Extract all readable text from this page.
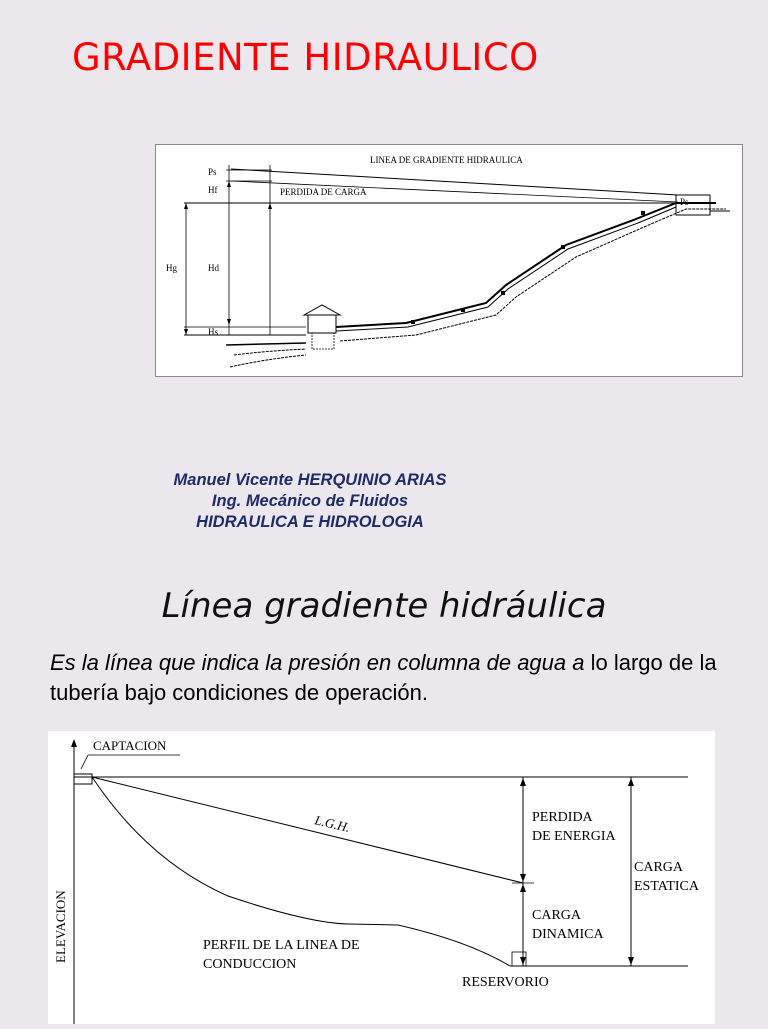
GRADIENTE HIDRAULICO
Ps
Hf
Hg	Hd
Hs
LINEA DE GRADIENTE HIDRAULICA
PERDIDA DE CARGA
Ps
Manuel Vicente HERQUINIO ARIAS
Ing. Mecánico de Fluidos
HIDRAULICA E HIDROLOGIA
Línea gradiente hidráulica

Es la línea que indica la presión en columna de agua a lo largo de la tubería bajo condiciones de operación.

ELEVACION
CAPTACION
L.G.H.	PERDIDA
DE ENERGIA
CARGA
ESTATICA
CARGA
DINAMICA
PERFIL DE LA LINEA DE
CONDUCCION
RESERVORIO
